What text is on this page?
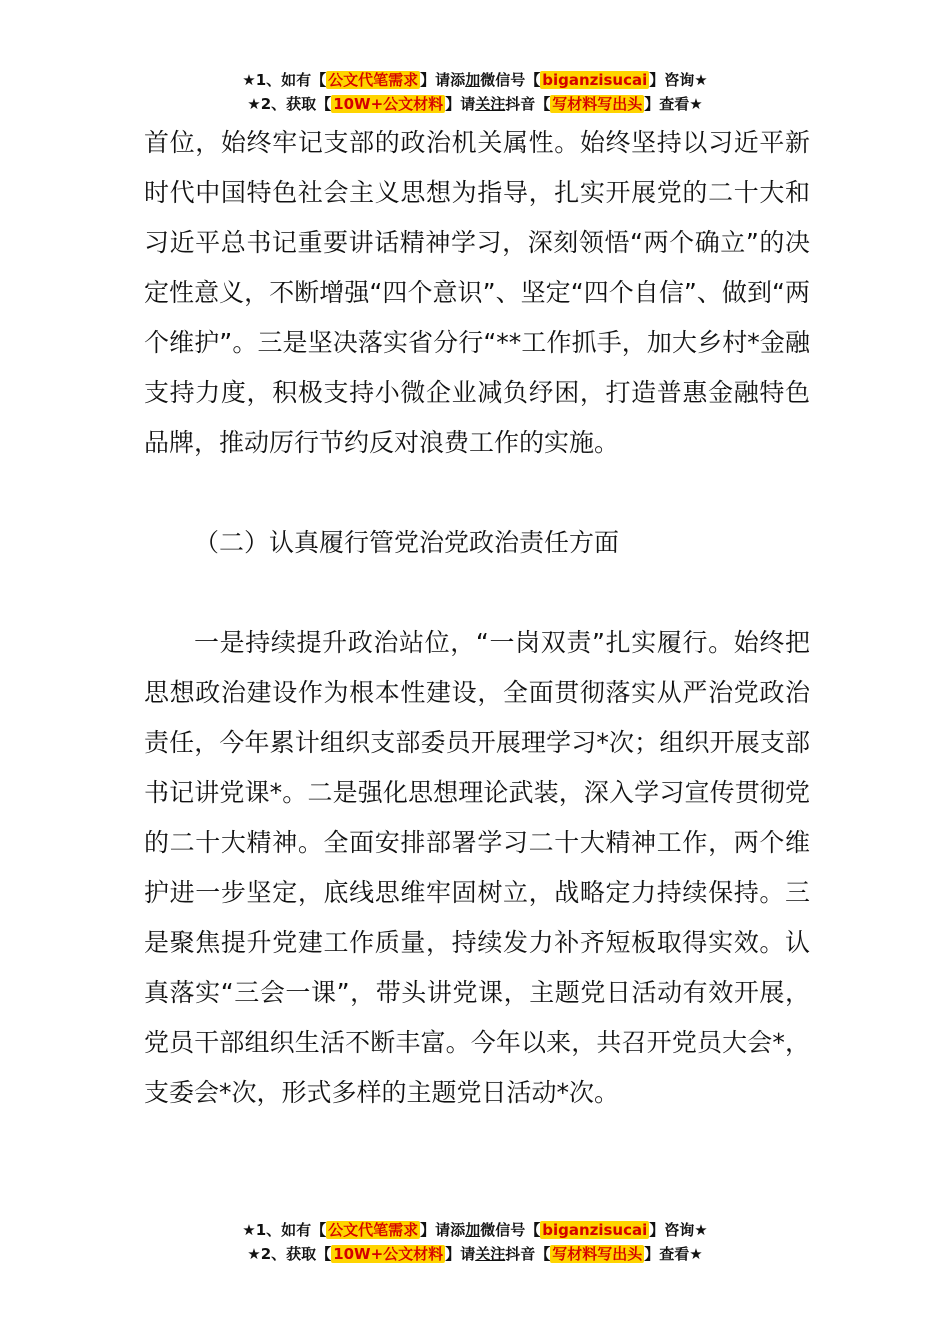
★1、如有【 公文代笔需求 】请添加微信号【 biganzisucai 】咨询★
★2、获取【 10W+公文材料 】请关注抖音【 写材料写出头 】查看★

首位，始终牢记支部的政治机关属性。始终坚持以习近平新时代中国特色社会主义思想为指导，扎实开展党的二十大和习近平总书记重要讲话精神学习，深刻领悟“两个确立”的决定性意义，不断增强“四个意识”、坚定“四个自信”、做到“两个维护”。三是坚决落实省分行“**工作抓手，加大乡村*金融支持力度，积极支持小微企业减负纾困，打造普惠金融特色品牌，推动厉行节约反对浪费工作的实施。

（二）认真履行管党治党政治责任方面

一是持续提升政治站位，“一岗双责”扎实履行。始终把思想政治建设作为根本性建设，全面贯彻落实从严治党政治责任，今年累计组织支部委员开展理学习*次；组织开展支部书记讲党课*。二是强化思想理论武装，深入学习宣传贯彻党的二十大精神。全面安排部署学习二十大精神工作，两个维护进一步坚定，底线思维牢固树立，战略定力持续保持。三是聚焦提升党建工作质量，持续发力补齐短板取得实效。认真落实“三会一课”，带头讲党课，主题党日活动有效开展，党员干部组织生活不断丰富。今年以来，共召开党员大会*，支委会*次，形式多样的主题党日活动*次。

★1、如有【 公文代笔需求 】请添加微信号【 biganzisucai 】咨询★
★2、获取【 10W+公文材料 】请关注抖音【 写材料写出头 】查看★
